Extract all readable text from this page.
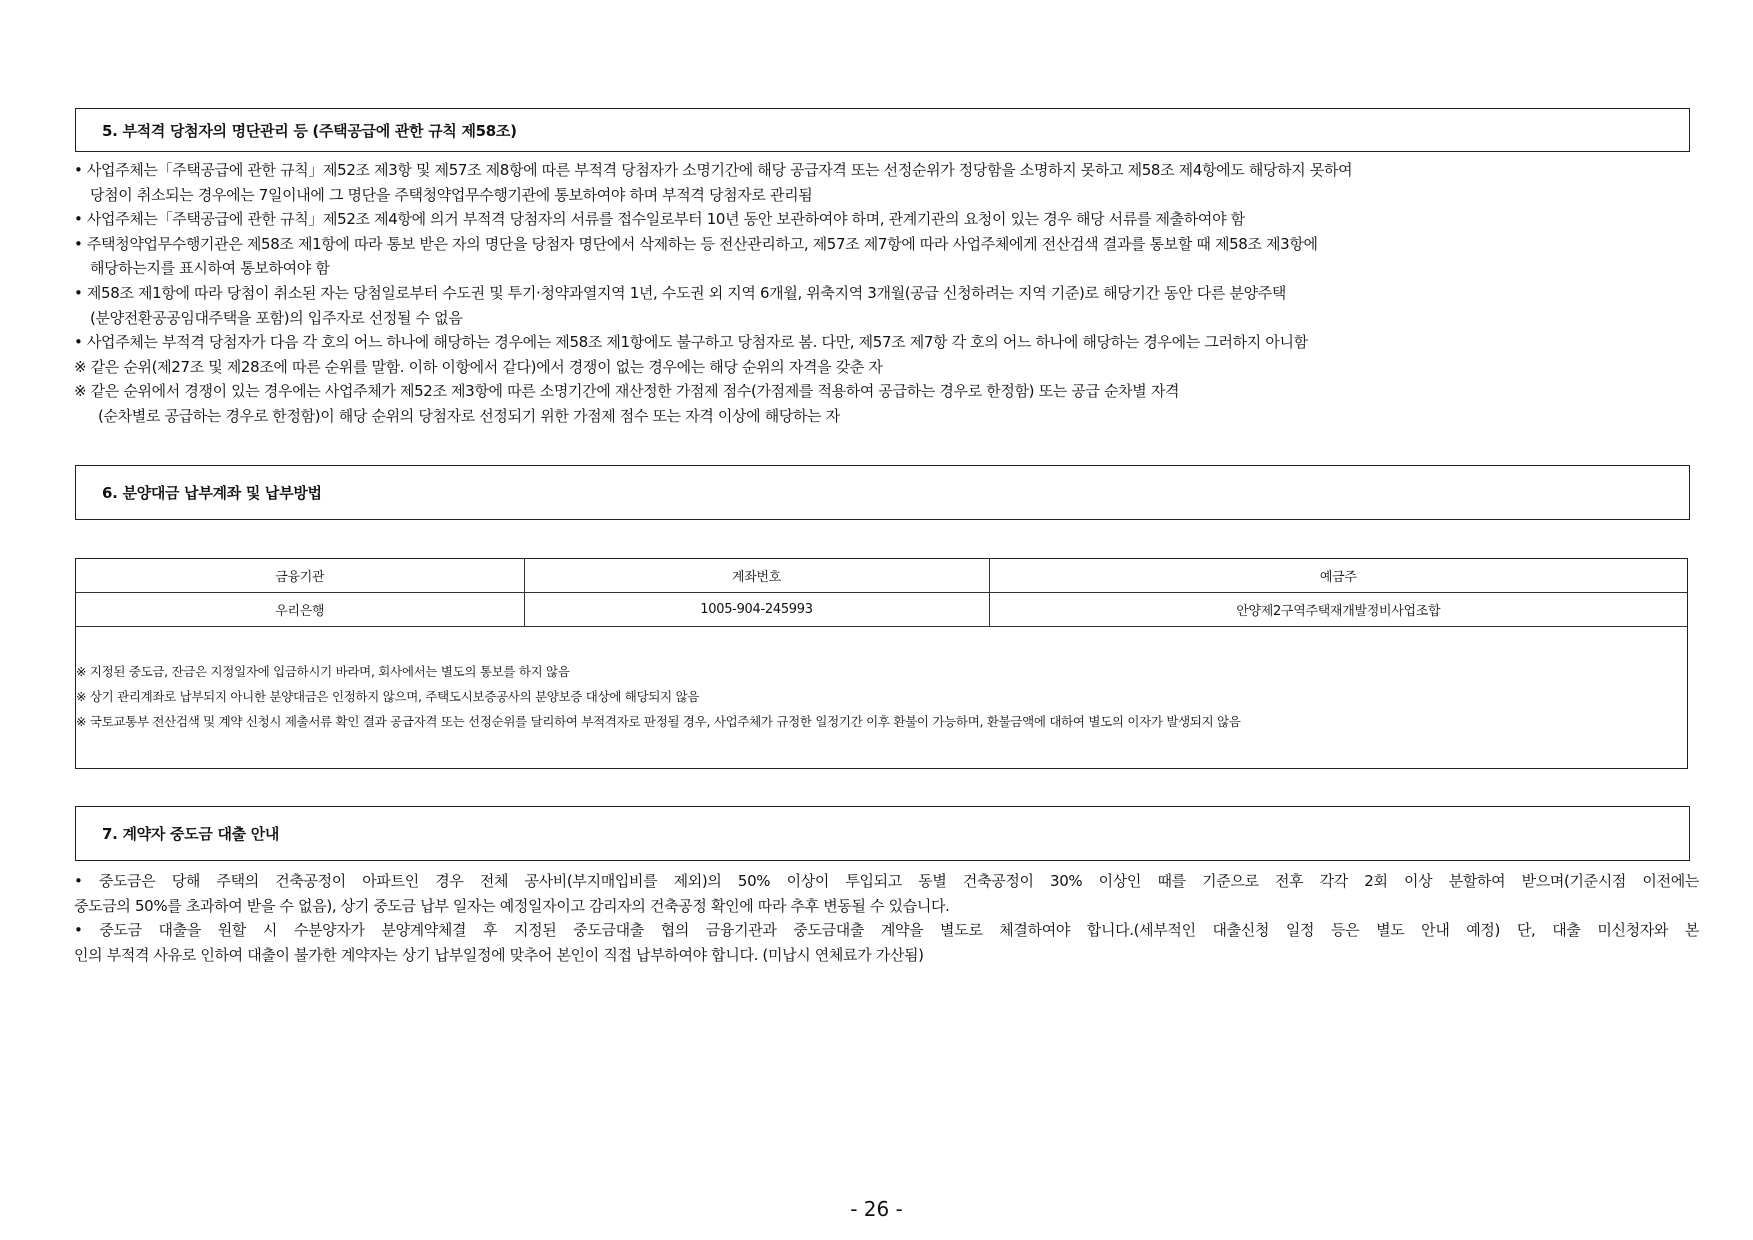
5. 부적격 당첨자의 명단관리 등 (주택공급에 관한 규칙 제58조)
• 사업주체는「주택공급에 관한 규칙」제52조 제3항 및 제57조 제8항에 따른 부적격 당첨자가 소명기간에 해당 공급자격 또는 선정순위가 정당함을 소명하지 못하고 제58조 제4항에도 해당하지 못하여
당첨이 취소되는 경우에는 7일이내에 그 명단을 주택청약업무수행기관에 통보하여야 하며 부적격 당첨자로 관리됨
• 사업주체는「주택공급에 관한 규칙」제52조 제4항에 의거 부적격 당첨자의 서류를 접수일로부터 10년 동안 보관하여야 하며, 관계기관의 요청이 있는 경우 해당 서류를 제출하여야 함
• 주택청약업무수행기관은 제58조 제1항에 따라 통보 받은 자의 명단을 당첨자 명단에서 삭제하는 등 전산관리하고, 제57조 제7항에 따라 사업주체에게 전산검색 결과를 통보할 때 제58조 제3항에
해당하는지를 표시하여 통보하여야 함
• 제58조 제1항에 따라 당첨이 취소된 자는 당첨일로부터 수도권 및 투기·청약과열지역 1년, 수도권 외 지역 6개월, 위축지역 3개월(공급 신청하려는 지역 기준)로 해당기간 동안 다른 분양주택
(분양전환공공임대주택을 포함)의 입주자로 선정될 수 없음
• 사업주체는 부적격 당첨자가 다음 각 호의 어느 하나에 해당하는 경우에는 제58조 제1항에도 불구하고 당첨자로 봄. 다만, 제57조 제7항 각 호의 어느 하나에 해당하는 경우에는 그러하지 아니함
※ 같은 순위(제27조 및 제28조에 따른 순위를 말함. 이하 이항에서 같다)에서 경쟁이 없는 경우에는 해당 순위의 자격을 갖춘 자
※ 같은 순위에서 경쟁이 있는 경우에는 사업주체가 제52조 제3항에 따른 소명기간에 재산정한 가점제 점수(가점제를 적용하여 공급하는 경우로 한정함) 또는 공급 순차별 자격
(순차별로 공급하는 경우로 한정함)이 해당 순위의 당첨자로 선정되기 위한 가점제 점수 또는 자격 이상에 해당하는 자
6. 분양대금 납부계좌 및 납부방법
금융기관	계좌번호	예금주
우리은행	1005-904-245993	안양제2구역주택재개발정비사업조합
※ 지정된 중도금, 잔금은 지정일자에 입금하시기 바라며, 회사에서는 별도의 통보를 하지 않음
※ 상기 관리계좌로 납부되지 아니한 분양대금은 인정하지 않으며, 주택도시보증공사의 분양보증 대상에 해당되지 않음
※ 국토교통부 전산검색 및 계약 신청시 제출서류 확인 결과 공급자격 또는 선정순위를 달리하여 부적격자로 판정될 경우, 사업주체가 규정한 일정기간 이후 환불이 가능하며, 환불금액에 대하여 별도의 이자가 발생되지 않음
7. 계약자 중도금 대출 안내
• 중도금은 당해 주택의 건축공정이 아파트인 경우 전체 공사비(부지매입비를 제외)의 50% 이상이 투입되고 동별 건축공정이 30% 이상인 때를 기준으로 전후 각각 2회 이상 분할하여 받으며(기준시점 이전에는
중도금의 50%를 초과하여 받을 수 없음), 상기 중도금 납부 일자는 예정일자이고 감리자의 건축공정 확인에 따라 추후 변동될 수 있습니다.
• 중도금 대출을 원할 시 수분양자가 분양계약체결 후 지정된 중도금대출 협의 금융기관과 중도금대출 계약을 별도로 체결하여야 합니다.(세부적인 대출신청 일정 등은 별도 안내 예정) 단, 대출 미신청자와 본
인의 부적격 사유로 인하여 대출이 불가한 계약자는 상기 납부일정에 맞추어 본인이 직접 납부하여야 합니다. (미납시 연체료가 가산됨)
- 26 -
